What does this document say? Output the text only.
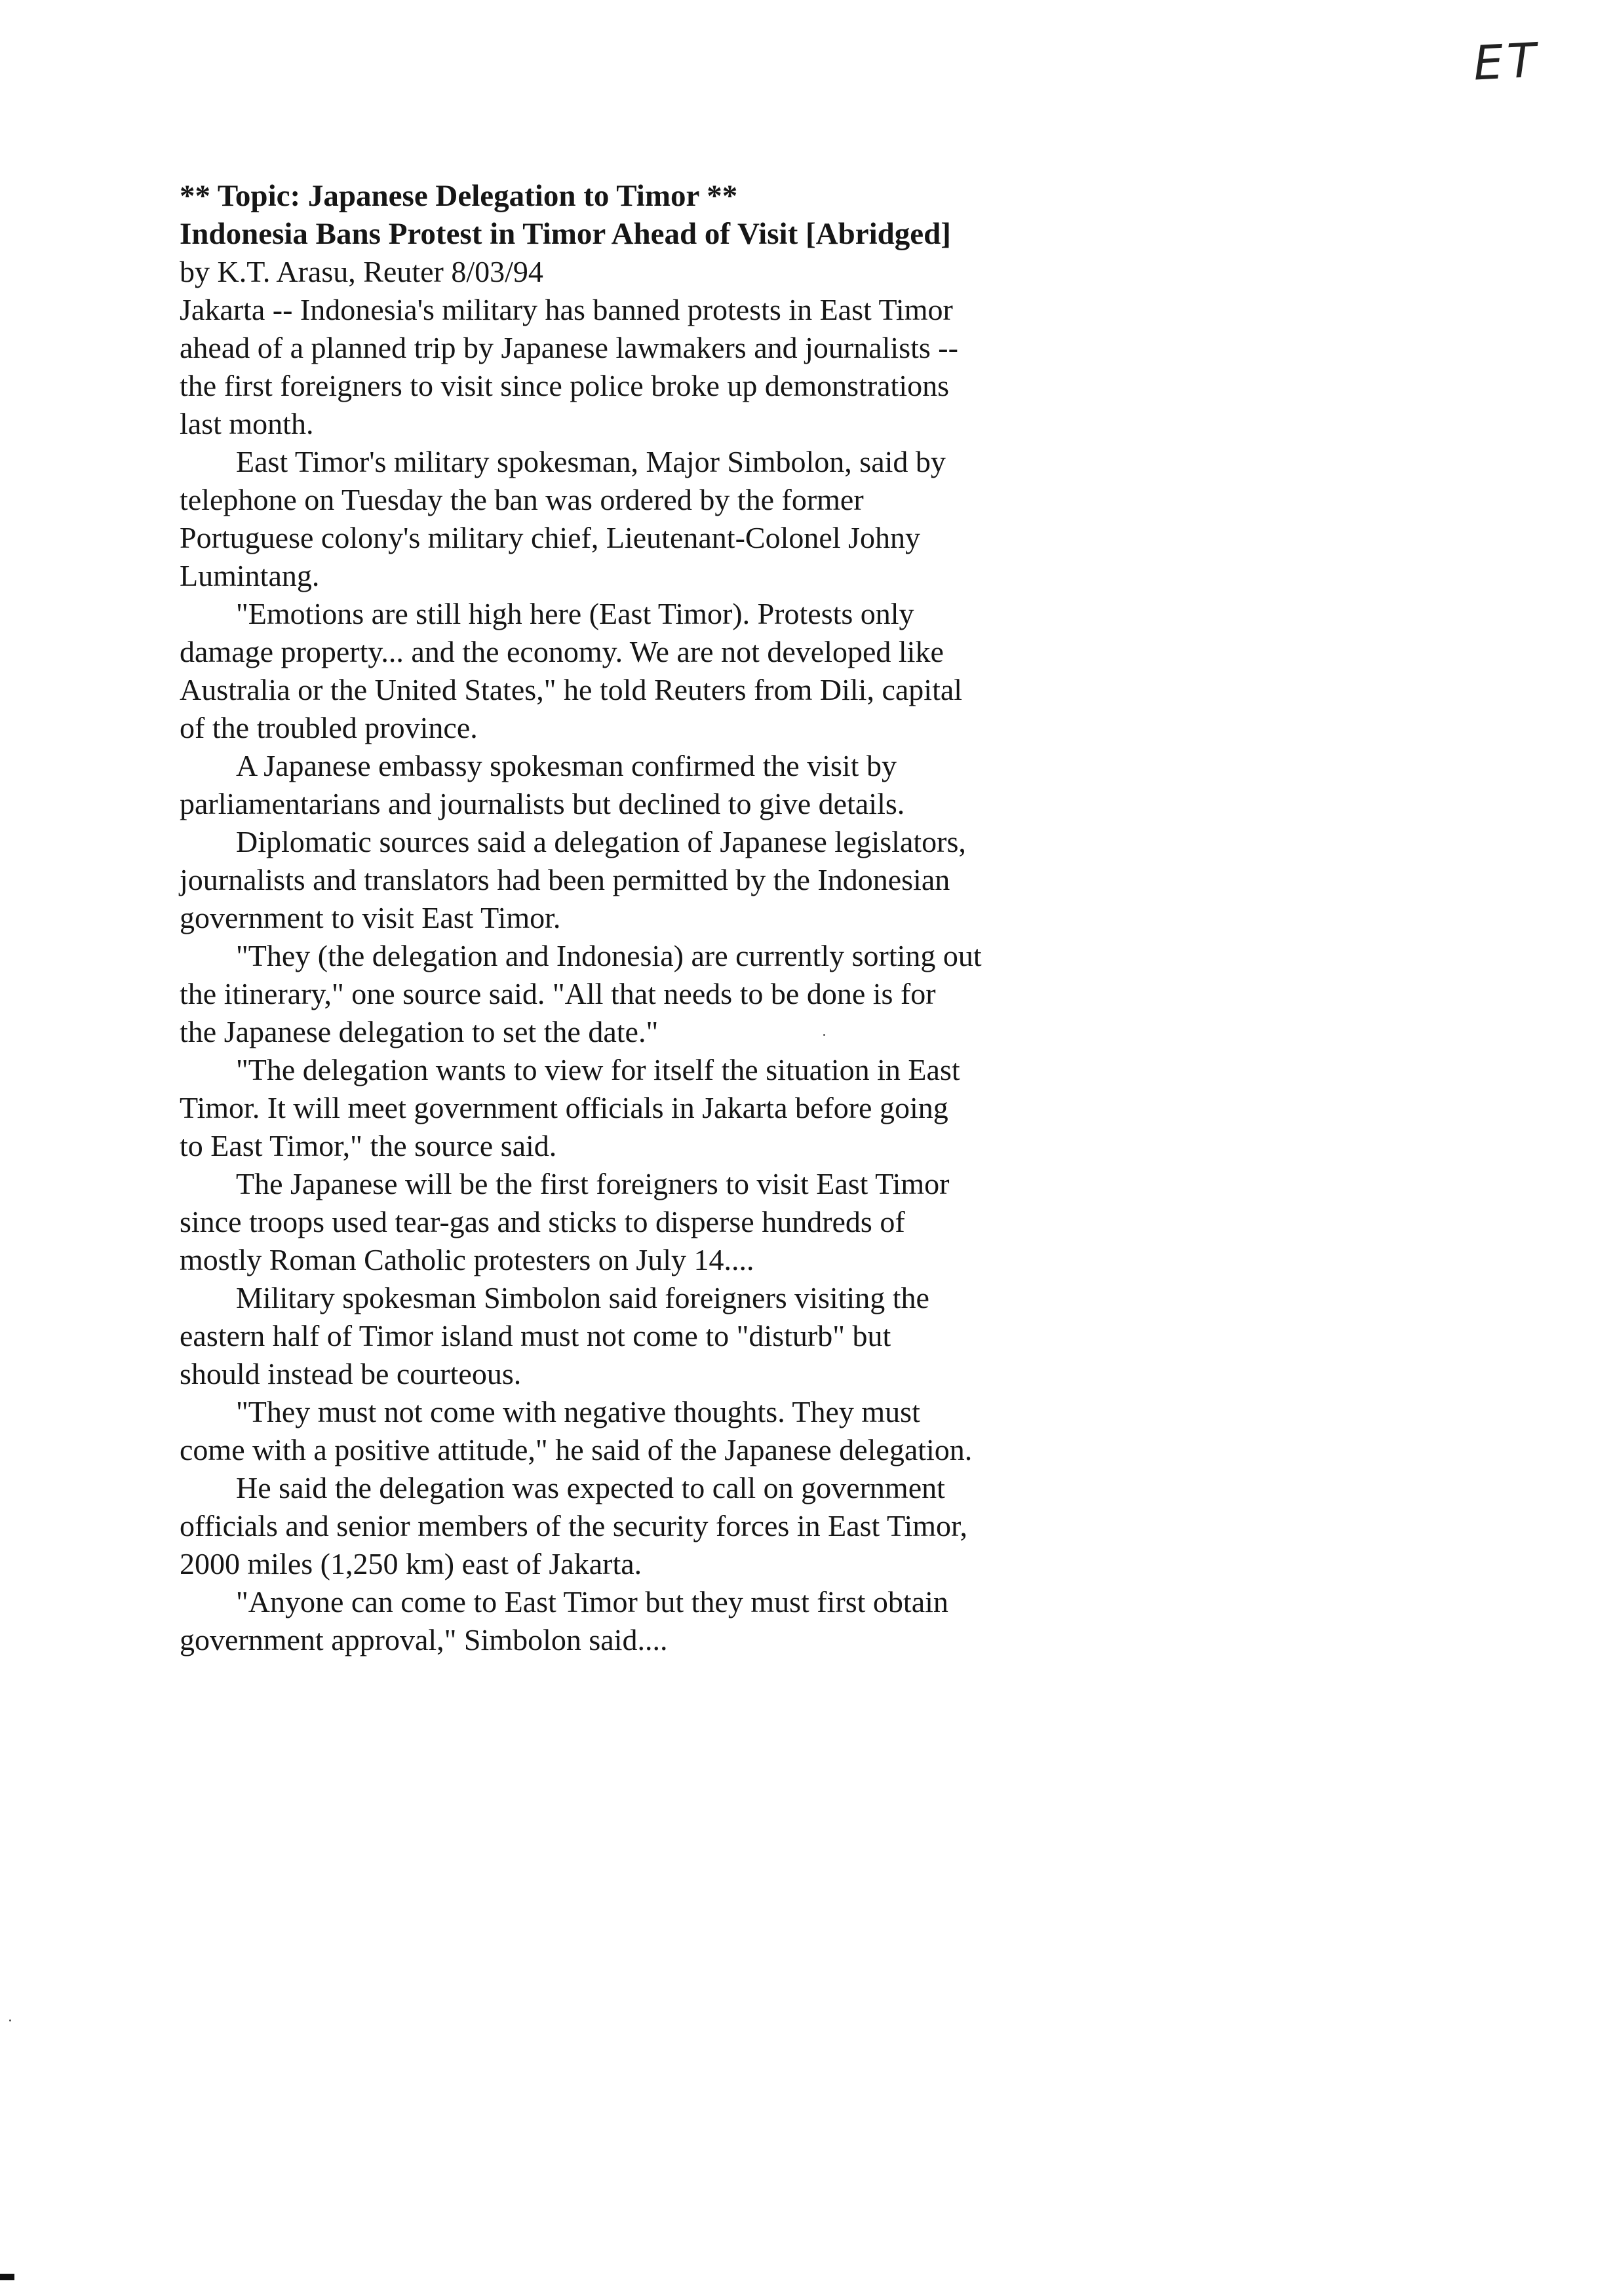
ET

** Topic: Japanese Delegation to Timor **

Indonesia Bans Protest in Timor Ahead of Visit [Abridged]

by K.T. Arasu, Reuter 8/03/94

Jakarta -- Indonesia's military has banned protests in East Timor
ahead of a planned trip by Japanese lawmakers and journalists --
the first foreigners to visit since police broke up demonstrations
last month.

East Timor's military spokesman, Major Simbolon, said by
telephone on Tuesday the ban was ordered by the former
Portuguese colony's military chief, Lieutenant-Colonel Johny
Lumintang.

"Emotions are still high here (East Timor). Protests only
damage property... and the economy. We are not developed like
Australia or the United States," he told Reuters from Dili, capital
of the troubled province.

A Japanese embassy spokesman confirmed the visit by
parliamentarians and journalists but declined to give details.

Diplomatic sources said a delegation of Japanese legislators,
journalists and translators had been permitted by the Indonesian
government to visit East Timor.

"They (the delegation and Indonesia) are currently sorting out
the itinerary," one source said. "All that needs to be done is for
the Japanese delegation to set the date."

"The delegation wants to view for itself the situation in East
Timor. It will meet government officials in Jakarta before going
to East Timor," the source said.

The Japanese will be the first foreigners to visit East Timor
since troops used tear-gas and sticks to disperse hundreds of
mostly Roman Catholic protesters on July 14....

Military spokesman Simbolon said foreigners visiting the
eastern half of Timor island must not come to "disturb" but
should instead be courteous.

"They must not come with negative thoughts. They must
come with a positive attitude," he said of the Japanese delegation.

He said the delegation was expected to call on government
officials and senior members of the security forces in East Timor,
2000 miles (1,250 km) east of Jakarta.

"Anyone can come to East Timor but they must first obtain
government approval," Simbolon said....
